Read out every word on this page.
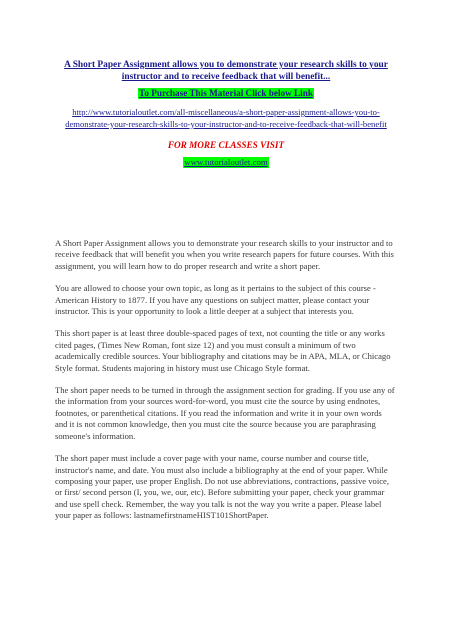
A Short Paper Assignment allows you to demonstrate your research skills to your instructor and to receive feedback that will benefit...

To Purchase This Material Click below Link
http://www.tutorialoutlet.com/all-miscellaneous/a-short-paper-assignment-allows-you-to-demonstrate-your-research-skills-to-your-instructor-and-to-receive-feedback-that-will-benefit
FOR MORE CLASSES VISIT
www.tutorialoutlet.com

A Short Paper Assignment allows you to demonstrate your research skills to your instructor and to receive feedback that will benefit you when you write research papers for future courses. With this assignment, you will learn how to do proper research and write a short paper.

You are allowed to choose your own topic, as long as it pertains to the subject of this course - American History to 1877. If you have any questions on subject matter, please contact your instructor. This is your opportunity to look a little deeper at a subject that interests you.

This short paper is at least three double-spaced pages of text, not counting the title or any works cited pages, (Times New Roman, font size 12) and you must consult a minimum of two academically credible sources. Your bibliography and citations may be in APA, MLA, or Chicago Style format. Students majoring in history must use Chicago Style format.

The short paper needs to be turned in through the assignment section for grading. If you use any of the information from your sources word-for-word, you must cite the source by using endnotes, footnotes, or parenthetical citations. If you read the information and write it in your own words and it is not common knowledge, then you must cite the source because you are paraphrasing someone's information.

The short paper must include a cover page with your name, course number and course title, instructor's name, and date. You must also include a bibliography at the end of your paper. While composing your paper, use proper English. Do not use abbreviations, contractions, passive voice, or first/ second person (I, you, we, our, etc). Before submitting your paper, check your grammar and use spell check. Remember, the way you talk is not the way you write a paper. Please label your paper as follows: lastnamefirstnameHIST101ShortPaper.
